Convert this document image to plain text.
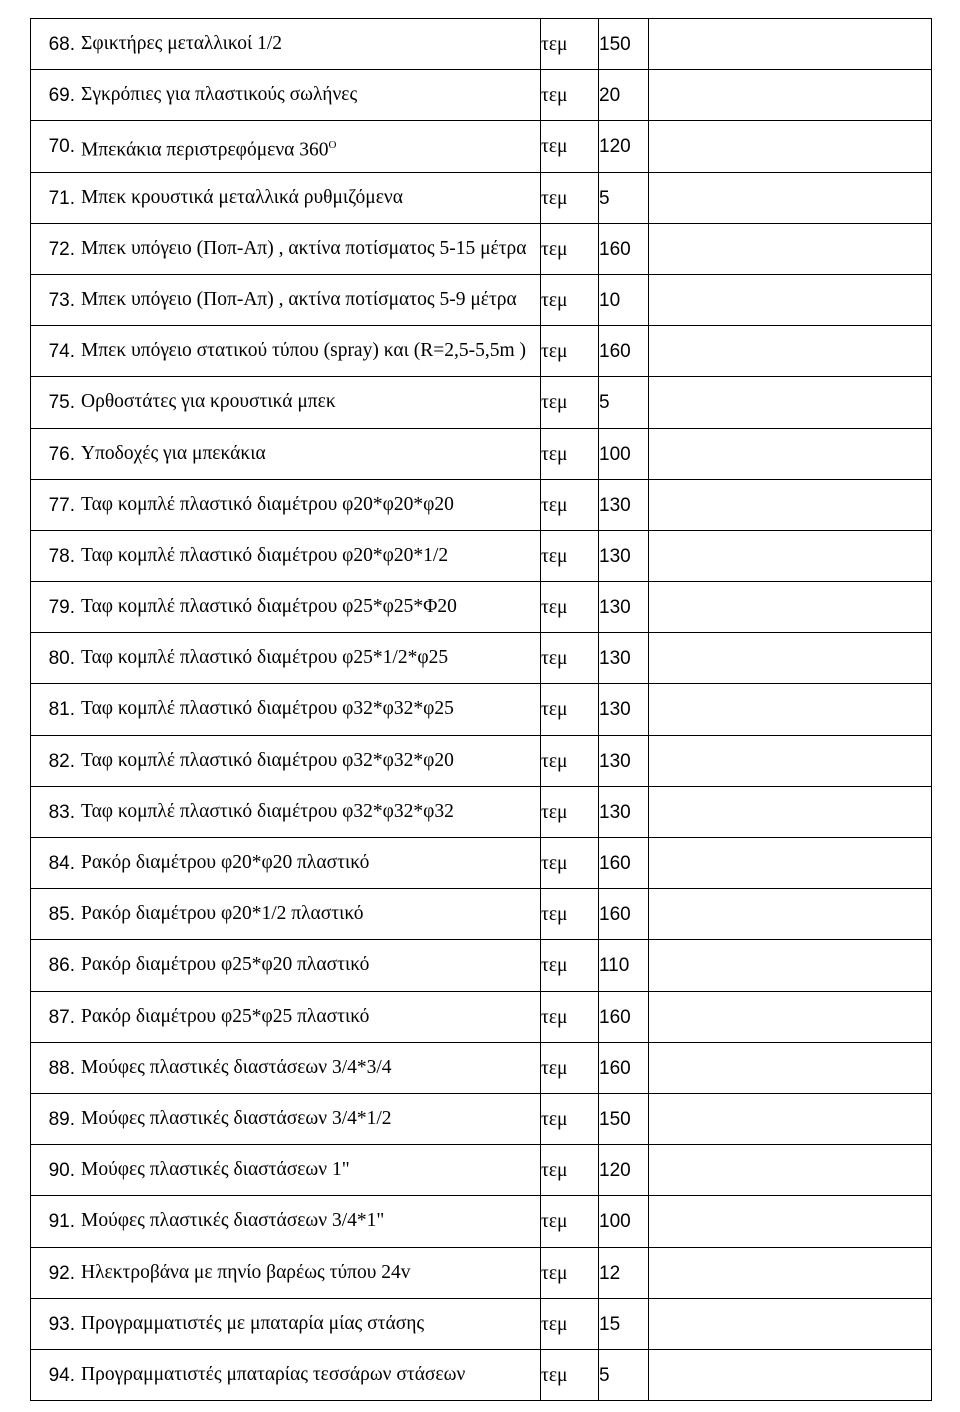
68. Σφικτήρες μεταλλικοί 1/2	τεμ	150	

69. Σγκρόπιες για πλαστικούς σωλήνες	τεμ	20	

70. Μπεκάκια περιστρεφόμενα $360^O$	τεμ	120	

71. Μπεκ κρουστικά μεταλλικά ρυθμιζόμενα	τεμ	5	

72. Μπεκ υπόγειο (Ποπ-Απ) , ακτίνα ποτίσματος 5-15 μέτρα	τεμ	160	

73. Μπεκ υπόγειο (Ποπ-Απ) , ακτίνα ποτίσματος 5-9 μέτρα	τεμ	10	

74. Μπεκ υπόγειο στατικού τύπου (spray) και (R=2,5-5,5m )	τεμ	160	

75. Ορθοστάτες για κρουστικά μπεκ	τεμ	5	

76. Υποδοχές για μπεκάκια	τεμ	100	

77. Ταφ κομπλέ πλαστικό διαμέτρου φ20*φ20*φ20	τεμ	130	

78. Ταφ κομπλέ πλαστικό διαμέτρου φ20*φ20*1/2	τεμ	130	

79. Ταφ κομπλέ πλαστικό διαμέτρου φ25*φ25*Φ20	τεμ	130	

80. Ταφ κομπλέ πλαστικό διαμέτρου φ25*1/2*φ25	τεμ	130	

81. Ταφ κομπλέ πλαστικό διαμέτρου φ32*φ32*φ25	τεμ	130	

82. Ταφ κομπλέ πλαστικό διαμέτρου φ32*φ32*φ20	τεμ	130	

83. Ταφ κομπλέ πλαστικό διαμέτρου φ32*φ32*φ32	τεμ	130	

84. Ρακόρ διαμέτρου φ20*φ20 πλαστικό	τεμ	160	

85. Ρακόρ διαμέτρου φ20*1/2 πλαστικό	τεμ	160	

86. Ρακόρ διαμέτρου φ25*φ20 πλαστικό	τεμ	110	

87. Ρακόρ διαμέτρου φ25*φ25 πλαστικό	τεμ	160	

88. Μούφες πλαστικές διαστάσεων 3/4*3/4	τεμ	160	

89. Μούφες πλαστικές διαστάσεων 3/4*1/2	τεμ	150	

90. Μούφες πλαστικές διαστάσεων 1"	τεμ	120	

91. Μούφες πλαστικές διαστάσεων 3/4*1"	τεμ	100	

92. Ηλεκτροβάνα με πηνίο βαρέως τύπου 24v	τεμ	12	

93. Προγραμματιστές με μπαταρία μίας στάσης	τεμ	15	

94. Προγραμματιστές μπαταρίας τεσσάρων στάσεων	τεμ	5	
